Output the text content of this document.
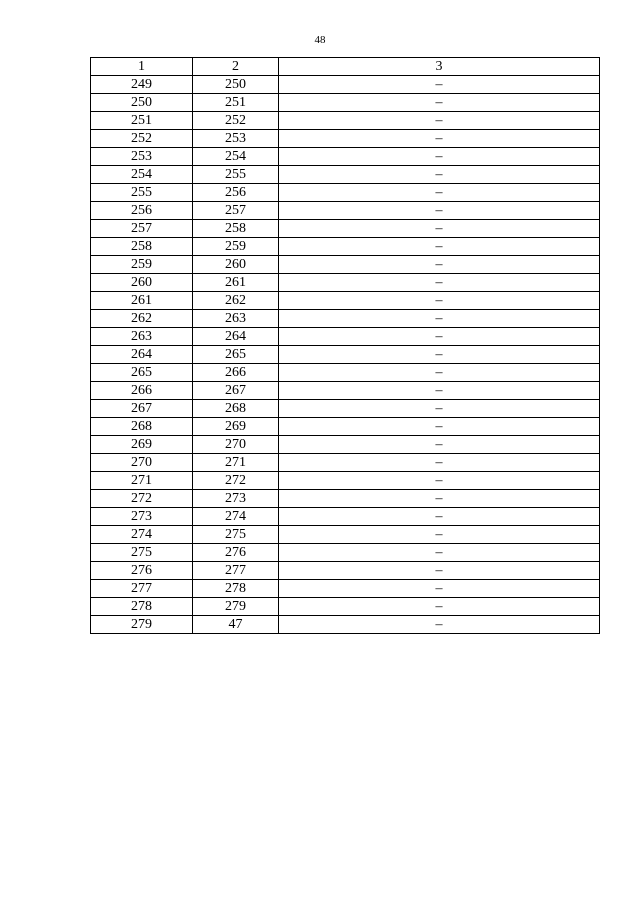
48
1	2	3
249	250	–
250	251	–
251	252	–
252	253	–
253	254	–
254	255	–
255	256	–
256	257	–
257	258	–
258	259	–
259	260	–
260	261	–
261	262	–
262	263	–
263	264	–
264	265	–
265	266	–
266	267	–
267	268	–
268	269	–
269	270	–
270	271	–
271	272	–
272	273	–
273	274	–
274	275	–
275	276	–
276	277	–
277	278	–
278	279	–
279	47	–
